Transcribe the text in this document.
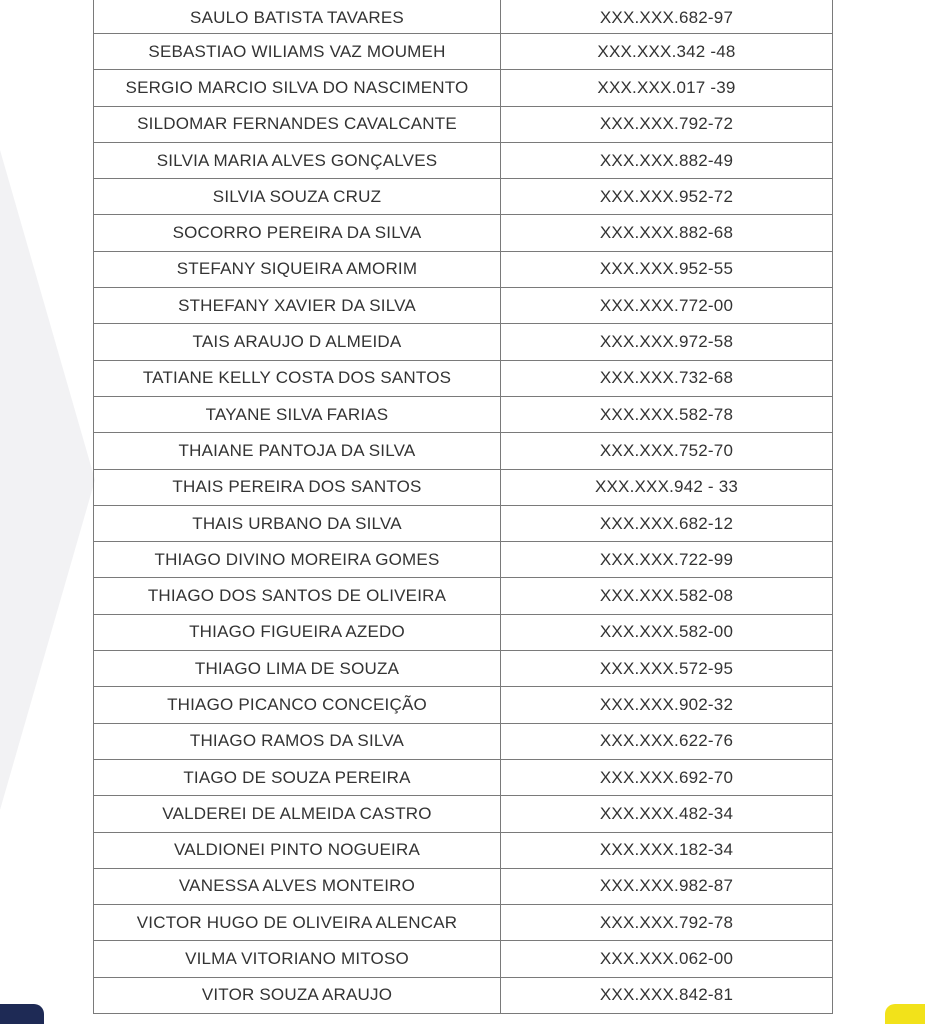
SAULO BATISTA TAVARES	XXX.XXX.682-97
SEBASTIAO WILIAMS VAZ MOUMEH	XXX.XXX.342 -48
SERGIO MARCIO SILVA DO NASCIMENTO	XXX.XXX.017 -39
SILDOMAR FERNANDES CAVALCANTE	XXX.XXX.792-72
SILVIA MARIA ALVES GONÇALVES	XXX.XXX.882-49
SILVIA SOUZA CRUZ	XXX.XXX.952-72
SOCORRO PEREIRA DA SILVA	XXX.XXX.882-68
STEFANY SIQUEIRA AMORIM	XXX.XXX.952-55
STHEFANY XAVIER DA SILVA	XXX.XXX.772-00
TAIS ARAUJO D ALMEIDA	XXX.XXX.972-58
TATIANE KELLY COSTA DOS SANTOS	XXX.XXX.732-68
TAYANE SILVA FARIAS	XXX.XXX.582-78
THAIANE PANTOJA DA SILVA	XXX.XXX.752-70
THAIS PEREIRA DOS SANTOS	XXX.XXX.942 - 33
THAIS URBANO DA SILVA	XXX.XXX.682-12
THIAGO DIVINO MOREIRA GOMES	XXX.XXX.722-99
THIAGO DOS SANTOS DE OLIVEIRA	XXX.XXX.582-08
THIAGO FIGUEIRA AZEDO	XXX.XXX.582-00
THIAGO LIMA DE SOUZA	XXX.XXX.572-95
THIAGO PICANCO CONCEIÇÃO	XXX.XXX.902-32
THIAGO RAMOS DA SILVA	XXX.XXX.622-76
TIAGO DE SOUZA PEREIRA	XXX.XXX.692-70
VALDEREI DE ALMEIDA CASTRO	XXX.XXX.482-34
VALDIONEI PINTO NOGUEIRA	XXX.XXX.182-34
VANESSA ALVES MONTEIRO	XXX.XXX.982-87
VICTOR HUGO DE OLIVEIRA ALENCAR	XXX.XXX.792-78
VILMA VITORIANO MITOSO	XXX.XXX.062-00
VITOR SOUZA ARAUJO	XXX.XXX.842-81
